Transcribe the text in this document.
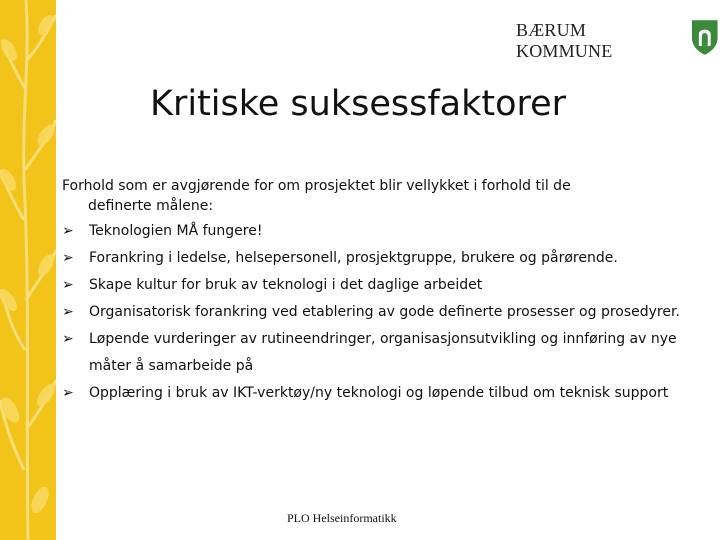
BÆRUM KOMMUNE
Kritiske suksessfaktorer

Forhold som er avgjørende for om prosjektet blir vellykket i forhold til de
definerte målene:

➢	Teknologien MÅ fungere!
➢	Forankring i ledelse, helsepersonell, prosjektgruppe, brukere og pårørende.
➢	Skape kultur for bruk av teknologi i det daglige arbeidet
➢	Organisatorisk forankring ved etablering av gode definerte prosesser og prosedyrer.
➢	Løpende vurderinger av rutineendringer, organisasjonsutvikling og innføring av nye måter å samarbeide på
➢	Opplæring i bruk av IKT-verktøy/ny teknologi og løpende tilbud om teknisk support
PLO Helseinformatikk
